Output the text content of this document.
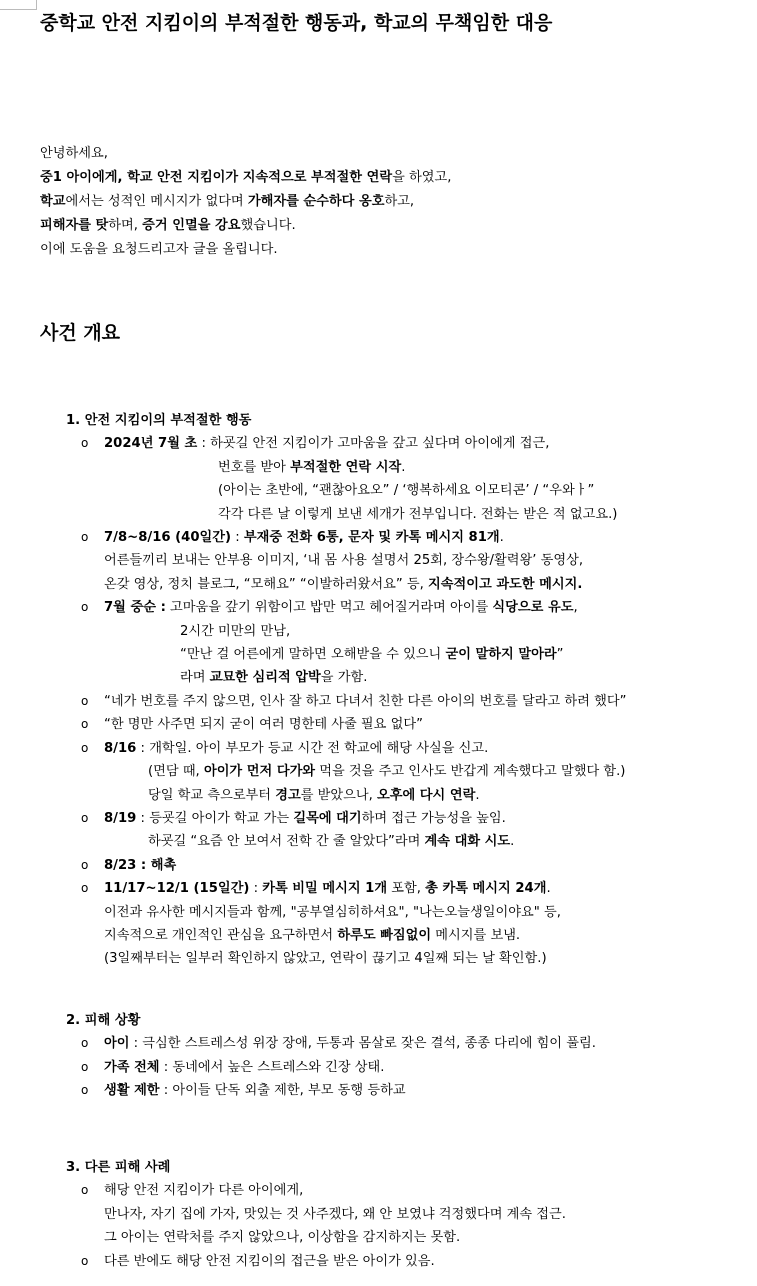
중학교 안전 지킴이의 부적절한 행동과, 학교의 무책임한 대응

안녕하세요,

중1 아이에게, 학교 안전 지킴이가 지속적으로 부적절한 연락을 하였고,

학교에서는 성적인 메시지가 없다며 가해자를 순수하다 옹호하고,

피해자를 탓하며, 증거 인멸을 강요했습니다.

이에 도움을 요청드리고자 글을 올립니다.

사건 개요

1. 안전 지킴이의 부적절한 행동

o 2024년 7월 초 : 하굣길 안전 지킴이가 고마움을 갚고 싶다며 아이에게 접근,
번호를 받아 부적절한 연락 시작.
(아이는 초반에, “괜찮아요오” / ‘행복하세요 이모티콘’ / “우와ㅏ”
각각 다른 날 이렇게 보낸 세개가 전부입니다. 전화는 받은 적 없고요.)
o 7/8~8/16 (40일간) : 부재중 전화 6통, 문자 및 카톡 메시지 81개.
어른들끼리 보내는 안부용 이미지, ‘내 몸 사용 설명서 25회, 장수왕/활력왕’ 동영상,
온갖 영상, 정치 블로그, “모해요” “이발하러왔서요” 등, 지속적이고 과도한 메시지.
o 7월 중순 : 고마움을 갚기 위함이고 밥만 먹고 헤어질거라며 아이를 식당으로 유도,
2시간 미만의 만남,
“만난 걸 어른에게 말하면 오해받을 수 있으니 굳이 말하지 말아라”
라며 교묘한 심리적 압박을 가함.
o “네가 번호를 주지 않으면, 인사 잘 하고 다녀서 친한 다른 아이의 번호를 달라고 하려 했다”
o “한 명만 사주면 되지 굳이 여러 명한테 사줄 필요 없다”
o 8/16 : 개학일. 아이 부모가 등교 시간 전 학교에 해당 사실을 신고.
(면담 때, 아이가 먼저 다가와 먹을 것을 주고 인사도 반갑게 계속했다고 말했다 함.)
당일 학교 측으로부터 경고를 받았으나, 오후에 다시 연락.
o 8/19 : 등굣길 아이가 학교 가는 길목에 대기하며 접근 가능성을 높임.
하굣길 “요즘 안 보여서 전학 간 줄 알았다”라며 계속 대화 시도.
o 8/23 : 해촉
o 11/17~12/1 (15일간) : 카톡 비밀 메시지 1개 포함, 총 카톡 메시지 24개.
이전과 유사한 메시지들과 함께, "공부열심히하셔요", "나는오늘생일이야요" 등,
지속적으로 개인적인 관심을 요구하면서 하루도 빠짐없이 메시지를 보냄.
(3일째부터는 일부러 확인하지 않았고, 연락이 끊기고 4일째 되는 날 확인함.)

2. 피해 상황

o 아이 : 극심한 스트레스성 위장 장애, 두통과 몸살로 잦은 결석, 종종 다리에 힘이 풀림.
o 가족 전체 : 동네에서 높은 스트레스와 긴장 상태.
o 생활 제한 : 아이들 단독 외출 제한, 부모 동행 등하교

3. 다른 피해 사례

o 해당 안전 지킴이가 다른 아이에게,
만나자, 자기 집에 가자, 맛있는 것 사주겠다, 왜 안 보였냐 걱정했다며 계속 접근.
그 아이는 연락처를 주지 않았으나, 이상함을 감지하지는 못함.
o 다른 반에도 해당 안전 지킴이의 접근을 받은 아이가 있음.
